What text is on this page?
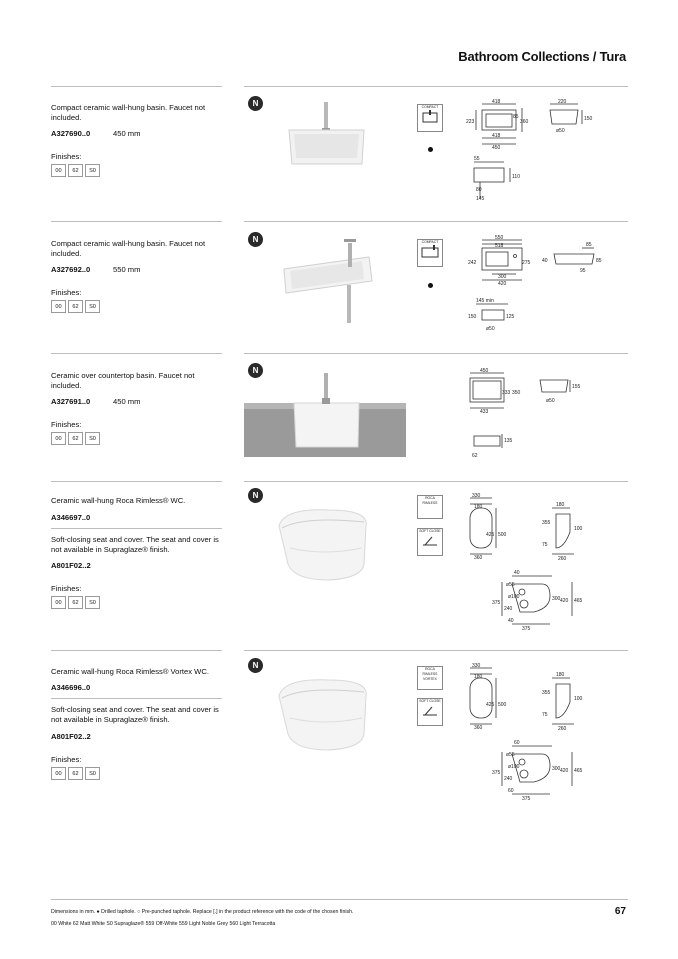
Bathroom Collections / Tura
Compact ceramic wall-hung basin. Faucet not included.
A327690..0	450 mm
Finishes:
00	62	S0
N	COMPACT
418
85
360
223
418
450
220
150
ø50
55
110
80
145
Compact ceramic wall-hung basin. Faucet not included.
A327692..0	550 mm
Finishes:
00	62	S0
N	COMPACT
550
518
242	275
300
420
85
40	85
95
145 min
150	125
ø50
Ceramic over countertop basin. Faucet not included.
A327691..0	450 mm
Finishes:
00	62	S0
N	450
333 350
433
155
ø50
135
62
Ceramic wall-hung Roca Rimless® WC.
A346697..0
Soft-closing seat and cover. The seat and cover is not available in Supraglaze® finish.
A801F02..2
Finishes:
00	62	S0
N	ROCA RIMLESS
SOFT CLOSE
330
180
425 500
360
180
355
100
75
260
ø55
ø100
375
240
300 420 465
40
375
40
Ceramic wall-hung Roca Rimless® Vortex WC.
A346696..0
Soft-closing seat and cover. The seat and cover is not available in Supraglaze® finish.
A801F02..2
Finishes:
00	62	S0
N	ROCA RIMLESS VORTEX
SOFT CLOSE
330
180
425 500
360
180
355
100
75
260
ø55
ø100
375
240
300 420 465
60
375
60
Dimensions in mm. ● Drilled taphole. ○ Pre-punched taphole. Replace [.] in the product reference with the code of the chosen finish.
00 White 62 Matt White S0 Supraglaze® 559 Off-White 559 Light Noble Grey 560 Light Terracotta
67
